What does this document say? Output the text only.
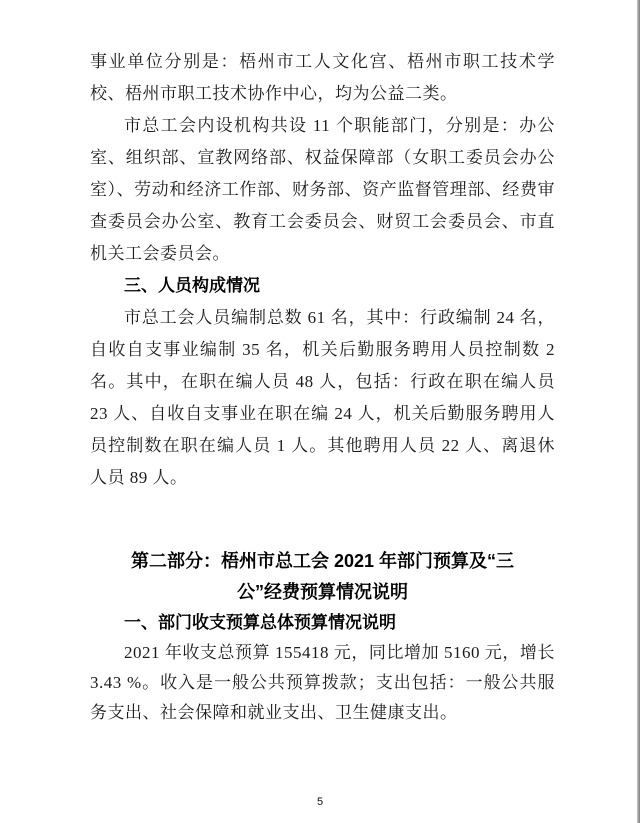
事业单位分别是：梧州市工人文化宫、梧州市职工技术学校、梧州市职工技术协作中心，均为公益二类。

市总工会内设机构共设 11 个职能部门，分别是：办公室、组织部、宣教网络部、权益保障部（女职工委员会办公室）、劳动和经济工作部、财务部、资产监督管理部、经费审查委员会办公室、教育工会委员会、财贸工会委员会、市直机关工会委员会。

三、人员构成情况

市总工会人员编制总数 61 名，其中：行政编制 24 名，自收自支事业编制 35 名，机关后勤服务聘用人员控制数 2 名。其中，在职在编人员 48 人，包括：行政在职在编人员 23 人、自收自支事业在职在编 24 人，机关后勤服务聘用人员控制数在职在编人员 1 人。其他聘用人员 22 人、离退休人员 89 人。

第二部分：梧州市总工会 2021 年部门预算及“三公”经费预算情况说明
一、部门收支预算总体预算情况说明

2021 年收支总预算 155418 元，同比增加 5160 元，增长 3.43 %。收入是一般公共预算拨款；支出包括：一般公共服务支出、社会保障和就业支出、卫生健康支出。

5
